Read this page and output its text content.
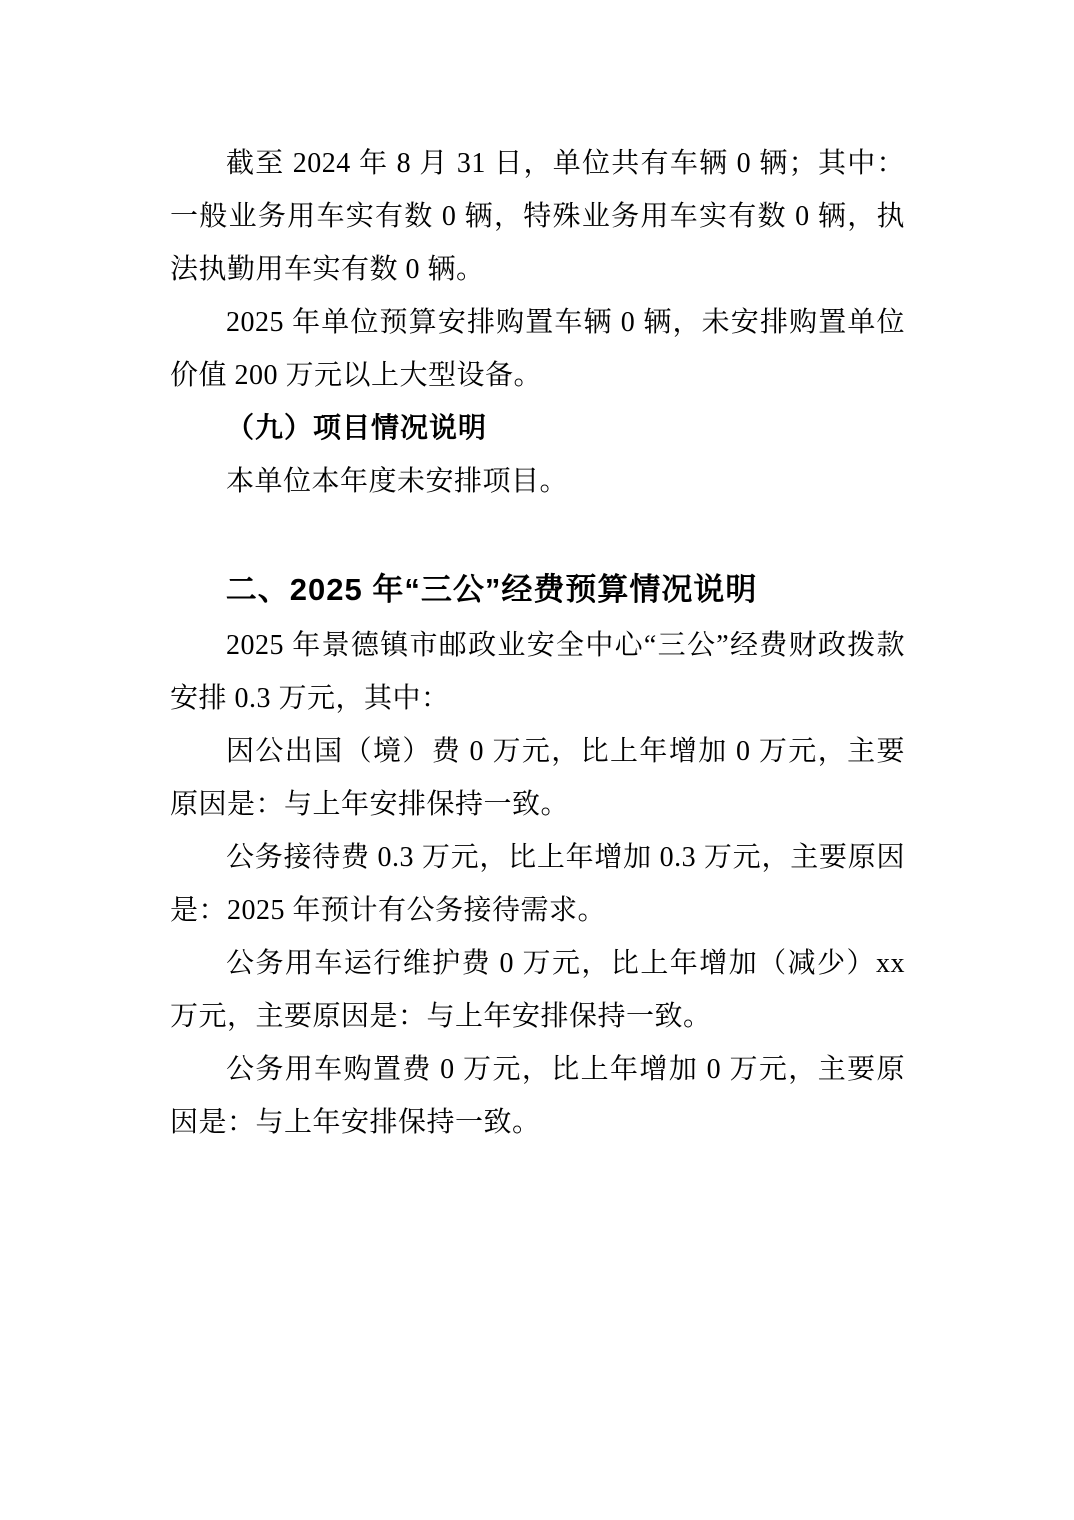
截至 2024 年 8 月 31 日，单位共有车辆 0 辆；其中：一般业务用车实有数 0 辆，特殊业务用车实有数 0 辆，执法执勤用车实有数 0 辆。

2025 年单位预算安排购置车辆 0 辆，未安排购置单位价值 200 万元以上大型设备。

（九）项目情况说明

本单位本年度未安排项目。

二、2025 年“三公”经费预算情况说明

2025 年景德镇市邮政业安全中心“三公”经费财政拨款安排 0.3 万元，其中：

因公出国（境）费 0 万元，比上年增加 0 万元，主要原因是：与上年安排保持一致。

公务接待费 0.3 万元，比上年增加 0.3 万元，主要原因是：2025 年预计有公务接待需求。

公务用车运行维护费 0 万元，比上年增加（减少）xx 万元，主要原因是：与上年安排保持一致。

公务用车购置费 0 万元，比上年增加 0 万元，主要原因是：与上年安排保持一致。
